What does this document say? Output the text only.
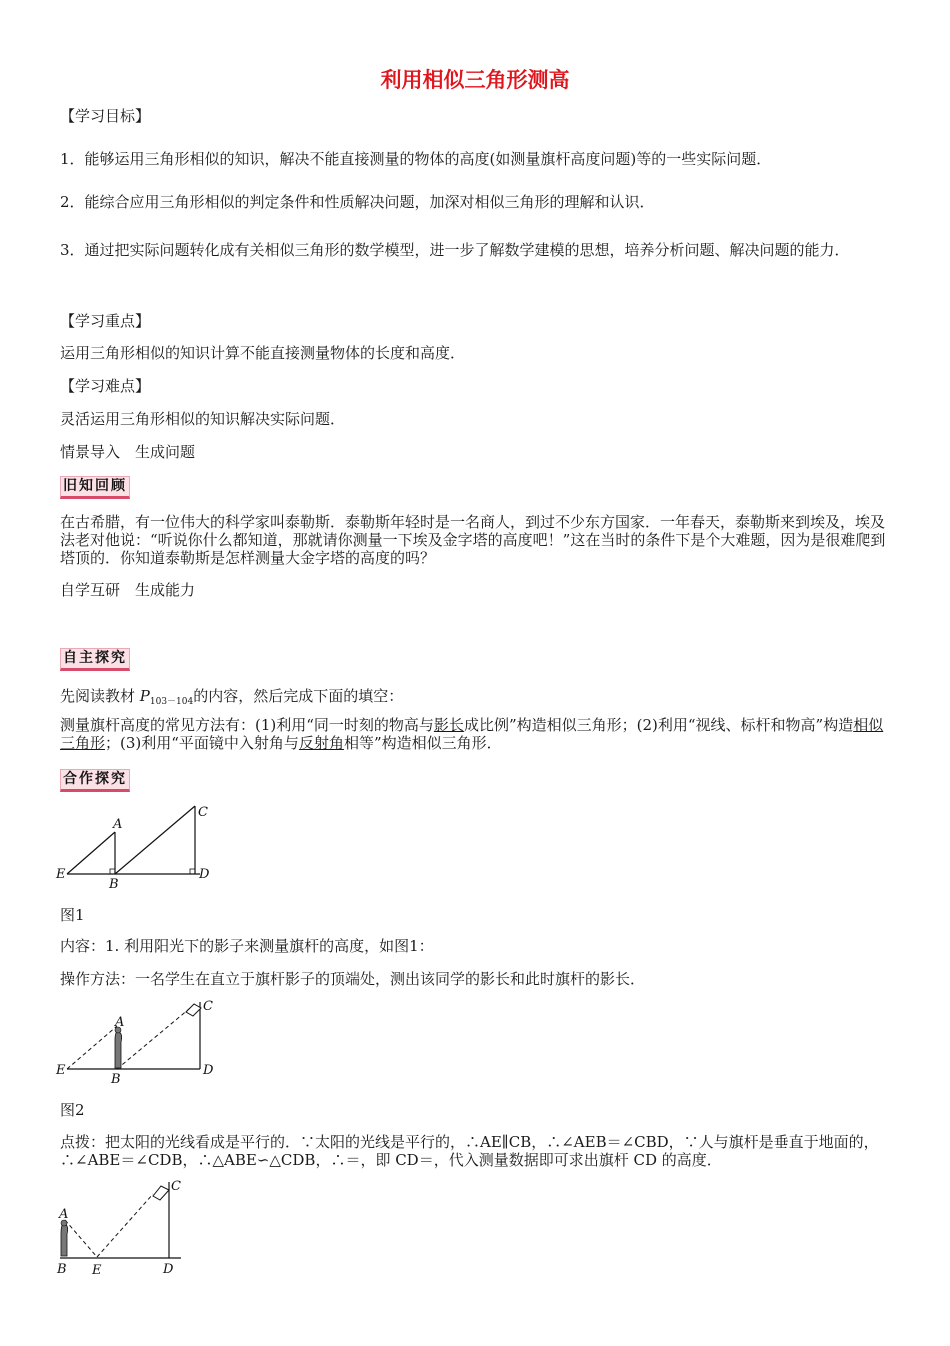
利用相似三角形测高
【学习目标】
1．能够运用三角形相似的知识，解决不能直接测量的物体的高度(如测量旗杆高度问题)等的一些实际问题．
2．能综合应用三角形相似的判定条件和性质解决问题，加深对相似三角形的理解和认识．
3．通过把实际问题转化成有关相似三角形的数学模型，进一步了解数学建模的思想，培养分析问题、解决问题的能力．
【学习重点】
运用三角形相似的知识计算不能直接测量物体的长度和高度．
【学习难点】
灵活运用三角形相似的知识解决实际问题．
情景导入　生成问题
旧知回顾
在古希腊，有一位伟大的科学家叫泰勒斯．泰勒斯年轻时是一名商人，到过不少东方国家．一年春天，泰勒斯来到埃及，埃及法老对他说：“听说你什么都知道，那就请你测量一下埃及金字塔的高度吧！”这在当时的条件下是个大难题，因为是很难爬到塔顶的．你知道泰勒斯是怎样测量大金字塔的高度的吗？
自学互研　生成能力
自主探究
先阅读教材 $P_{103-104}$的内容，然后完成下面的填空：
测量旗杆高度的常见方法有：(1)利用“同一时刻的物高与影长成比例”构造相似三角形；(2)利用“视线、标杆和物高”构造相似三角形；(3)利用“平面镜中入射角与反射角相等”构造相似三角形．
合作探究
E
A
B
C
D
图1
内容：1. 利用阳光下的影子来测量旗杆的高度，如图1：
操作方法：一名学生在直立于旗杆影子的顶端处，测出该同学的影长和此时旗杆的影长．
E
A
B
C
D
图2
点拨：把太阳的光线看成是平行的．∵太阳的光线是平行的，∴AE∥CB，∴∠AEB＝∠CBD，∵人与旗杆是垂直于地面的，∴∠ABE＝∠CDB，∴△ABE∽△CDB，∴＝，即 CD＝，代入测量数据即可求出旗杆 CD 的高度．
A
B E	D
C
